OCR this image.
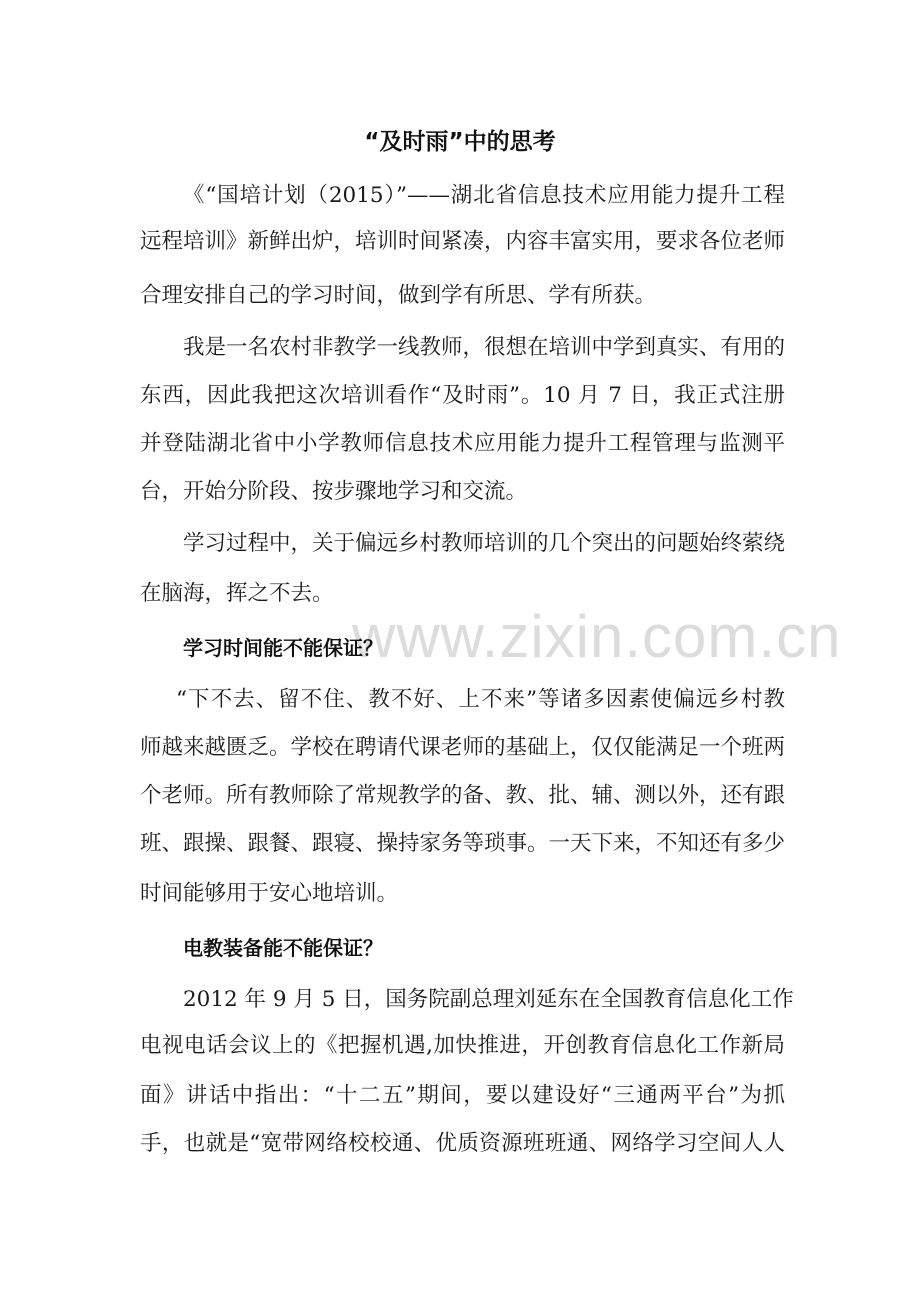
www.zixin.com.cn
“及时雨”中的思考
《“国培计划（2015）”——湖北省信息技术应用能力提升工程
远程培训》新鲜出炉，培训时间紧凑，内容丰富实用，要求各位老师
合理安排自己的学习时间，做到学有所思、学有所获。
我是一名农村非教学一线教师，很想在培训中学到真实、有用的
东西，因此我把这次培训看作“及时雨”。10 月 7 日，我正式注册
并登陆湖北省中小学教师信息技术应用能力提升工程管理与监测平
台，开始分阶段、按步骤地学习和交流。
学习过程中，关于偏远乡村教师培训的几个突出的问题始终萦绕
在脑海，挥之不去。
学习时间能不能保证？
“下不去、留不住、教不好、上不来”等诸多因素使偏远乡村教
师越来越匮乏。学校在聘请代课老师的基础上，仅仅能满足一个班两
个老师。所有教师除了常规教学的备、教、批、辅、测以外，还有跟
班、跟操、跟餐、跟寝、操持家务等琐事。一天下来，不知还有多少
时间能够用于安心地培训。
电教装备能不能保证？
2012 年 9 月 5 日，国务院副总理刘延东在全国教育信息化工作
电视电话会议上的《把握机遇,加快推进，开创教育信息化工作新局
面》讲话中指出：“十二五”期间，要以建设好“三通两平台”为抓
手，也就是“宽带网络校校通、优质资源班班通、网络学习空间人人
